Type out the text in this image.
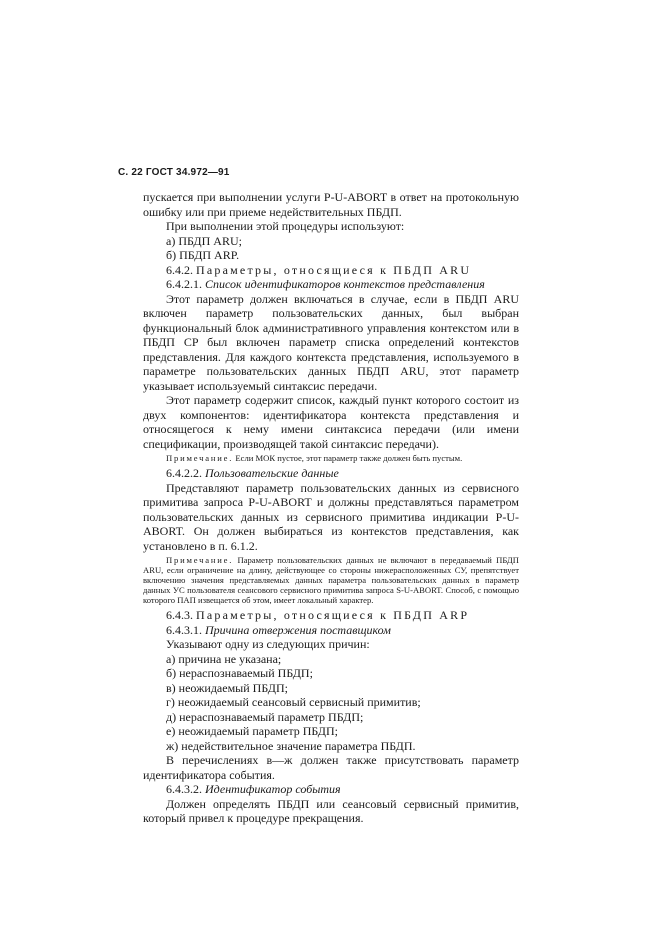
С. 22 ГОСТ 34.972—91

пускается при выполнении услуги P-U-ABORT в ответ на протокольную ошибку или при приеме недействительных ПБДП.

При выполнении этой процедуры используют:

а) ПБДП ARU;

б) ПБДП ARP.

6.4.2. Параметры, относящиеся к ПБДП ARU

6.4.2.1. Список идентификаторов контекстов представления

Этот параметр должен включаться в случае, если в ПБДП ARU включен параметр пользовательских данных, был выбран функциональный блок административного управления контекстом или в ПБДП CP был включен параметр списка определений контекстов представления. Для каждого контекста представления, используемого в параметре пользовательских данных ПБДП ARU, этот параметр указывает используемый синтаксис передачи.

Этот параметр содержит список, каждый пункт которого состоит из двух компонентов: идентификатора контекста представления и относящегося к нему имени синтаксиса передачи (или имени спецификации, производящей такой синтаксис передачи).

Примечание. Если МОК пустое, этот параметр также должен быть пустым.

6.4.2.2. Пользовательские данные

Представляют параметр пользовательских данных из сервисного примитива запроса P-U-ABORT и должны представляться параметром пользовательских данных из сервисного примитива индикации P-U-ABORT. Он должен выбираться из контекстов представления, как установлено в п. 6.1.2.

Примечание. Параметр пользовательских данных не включают в передаваемый ПБДП ARU, если ограничение на длину, действующее со стороны нижерасположенных СУ, препятствует включению значения представляемых данных параметра пользовательских данных в параметр данных УС пользователя сеансового сервисного примитива запроса S-U-ABORT. Способ, с помощью которого ПАП извещается об этом, имеет локальный характер.

6.4.3. Параметры, относящиеся к ПБДП ARP

6.4.3.1. Причина отвержения поставщиком

Указывают одну из следующих причин:

а) причина не указана;

б) нераспознаваемый ПБДП;

в) неожидаемый ПБДП;

г) неожидаемый сеансовый сервисный примитив;

д) нераспознаваемый параметр ПБДП;

е) неожидаемый параметр ПБДП;

ж) недействительное значение параметра ПБДП.

В перечислениях в—ж должен также присутствовать параметр идентификатора события.

6.4.3.2. Идентификатор события

Должен определять ПБДП или сеансовый сервисный примитив, который привел к процедуре прекращения.
